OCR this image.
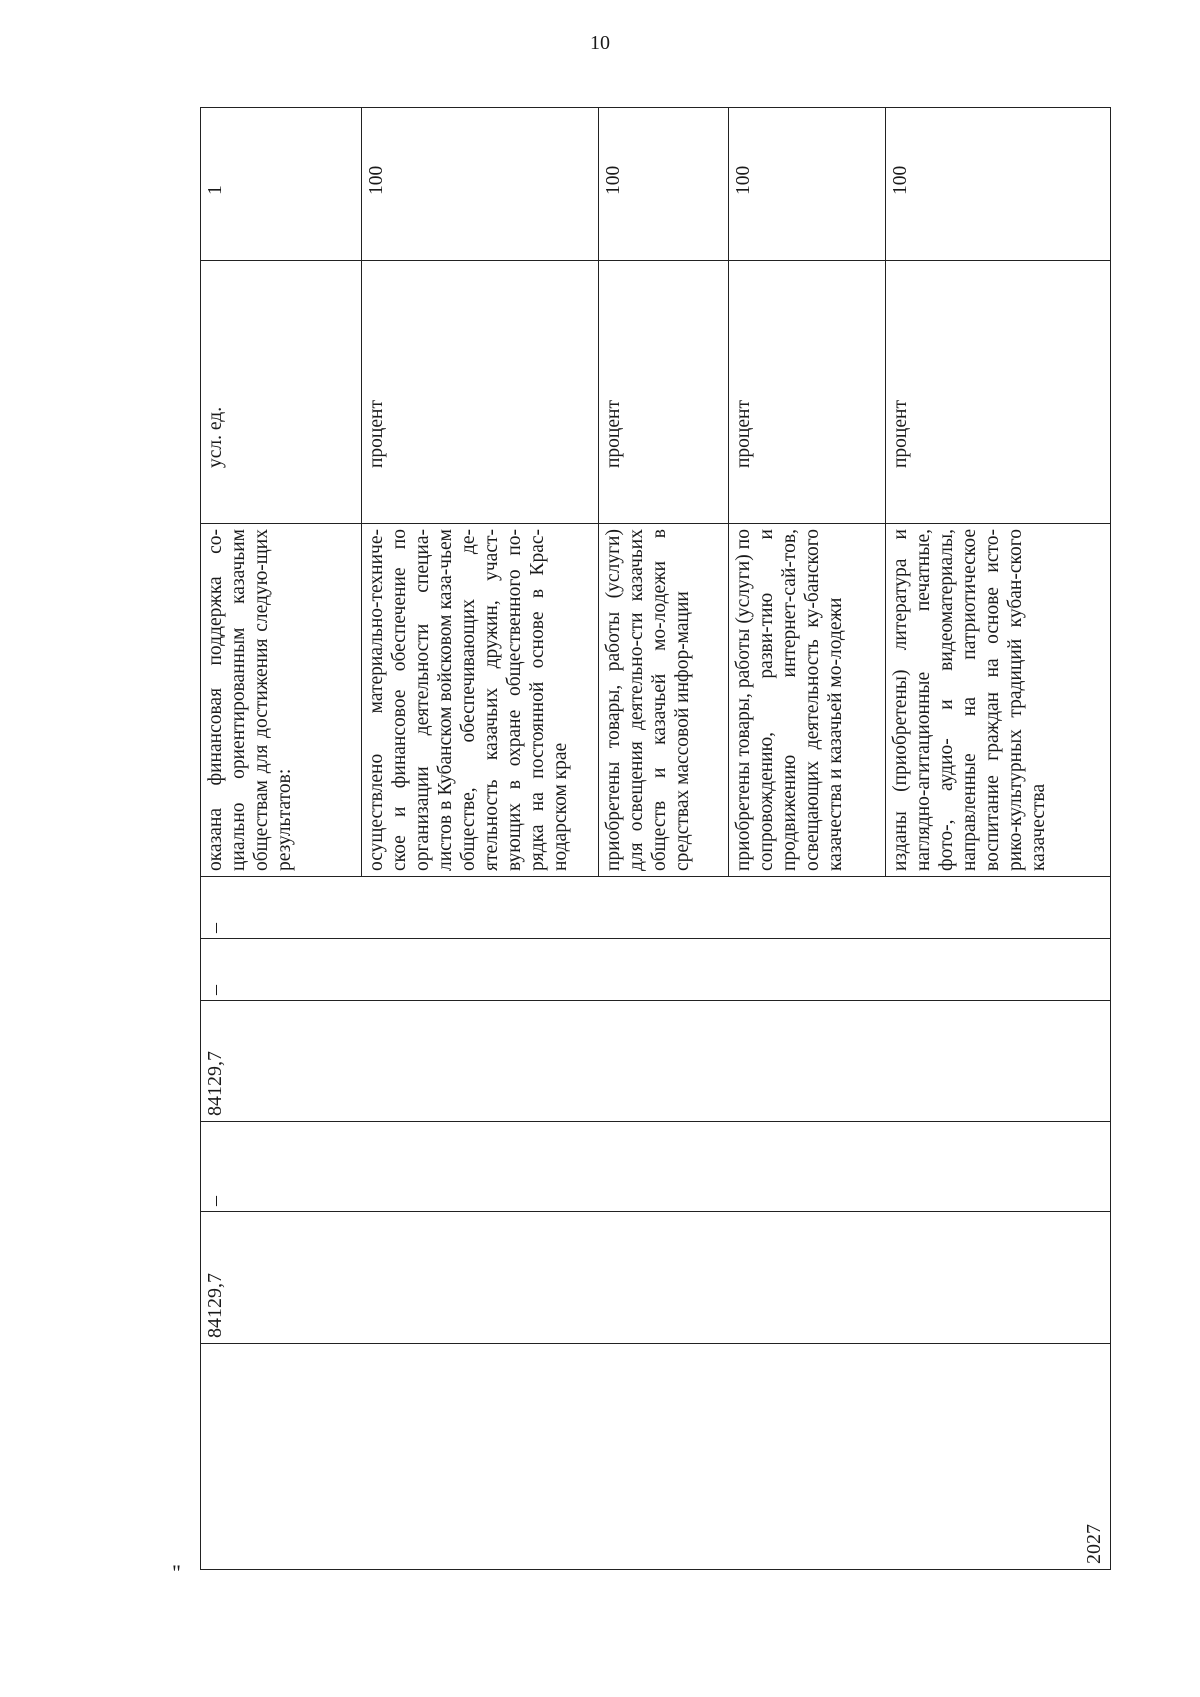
10
"
2027	84129,7	–	84129,7	–	–	оказана финансовая поддержка со-циально ориентированным казачьим обществам для достижения следую-щих результатов:	усл. ед.	1
						осуществлено материально-техниче-ское и финансовое обеспечение по организации деятельности специа-листов в Кубанском войсковом каза-чьем обществе, обеспечивающих де-ятельность казачьих дружин, участ-вующих в охране общественного по-рядка на постоянной основе в Крас-нодарском крае	процент	100
						приобретены товары, работы (услуги) для освещения деятельно-сти казачьих обществ и казачьей мо-лодежи в средствах массовой инфор-мации	процент	100
						приобретены товары, работы (услуги) по сопровождению, разви-тию и продвижению интернет-сай-тов, освещающих деятельность ку-банского казачества и казачьей мо-лодежи	процент	100
						изданы (приобретены) литература и наглядно-агитационные печатные, фото-, аудио- и видеоматериалы, направленные на патриотическое воспитание граждан на основе исто-рико-культурных традиций кубан-ского казачества	процент	100
